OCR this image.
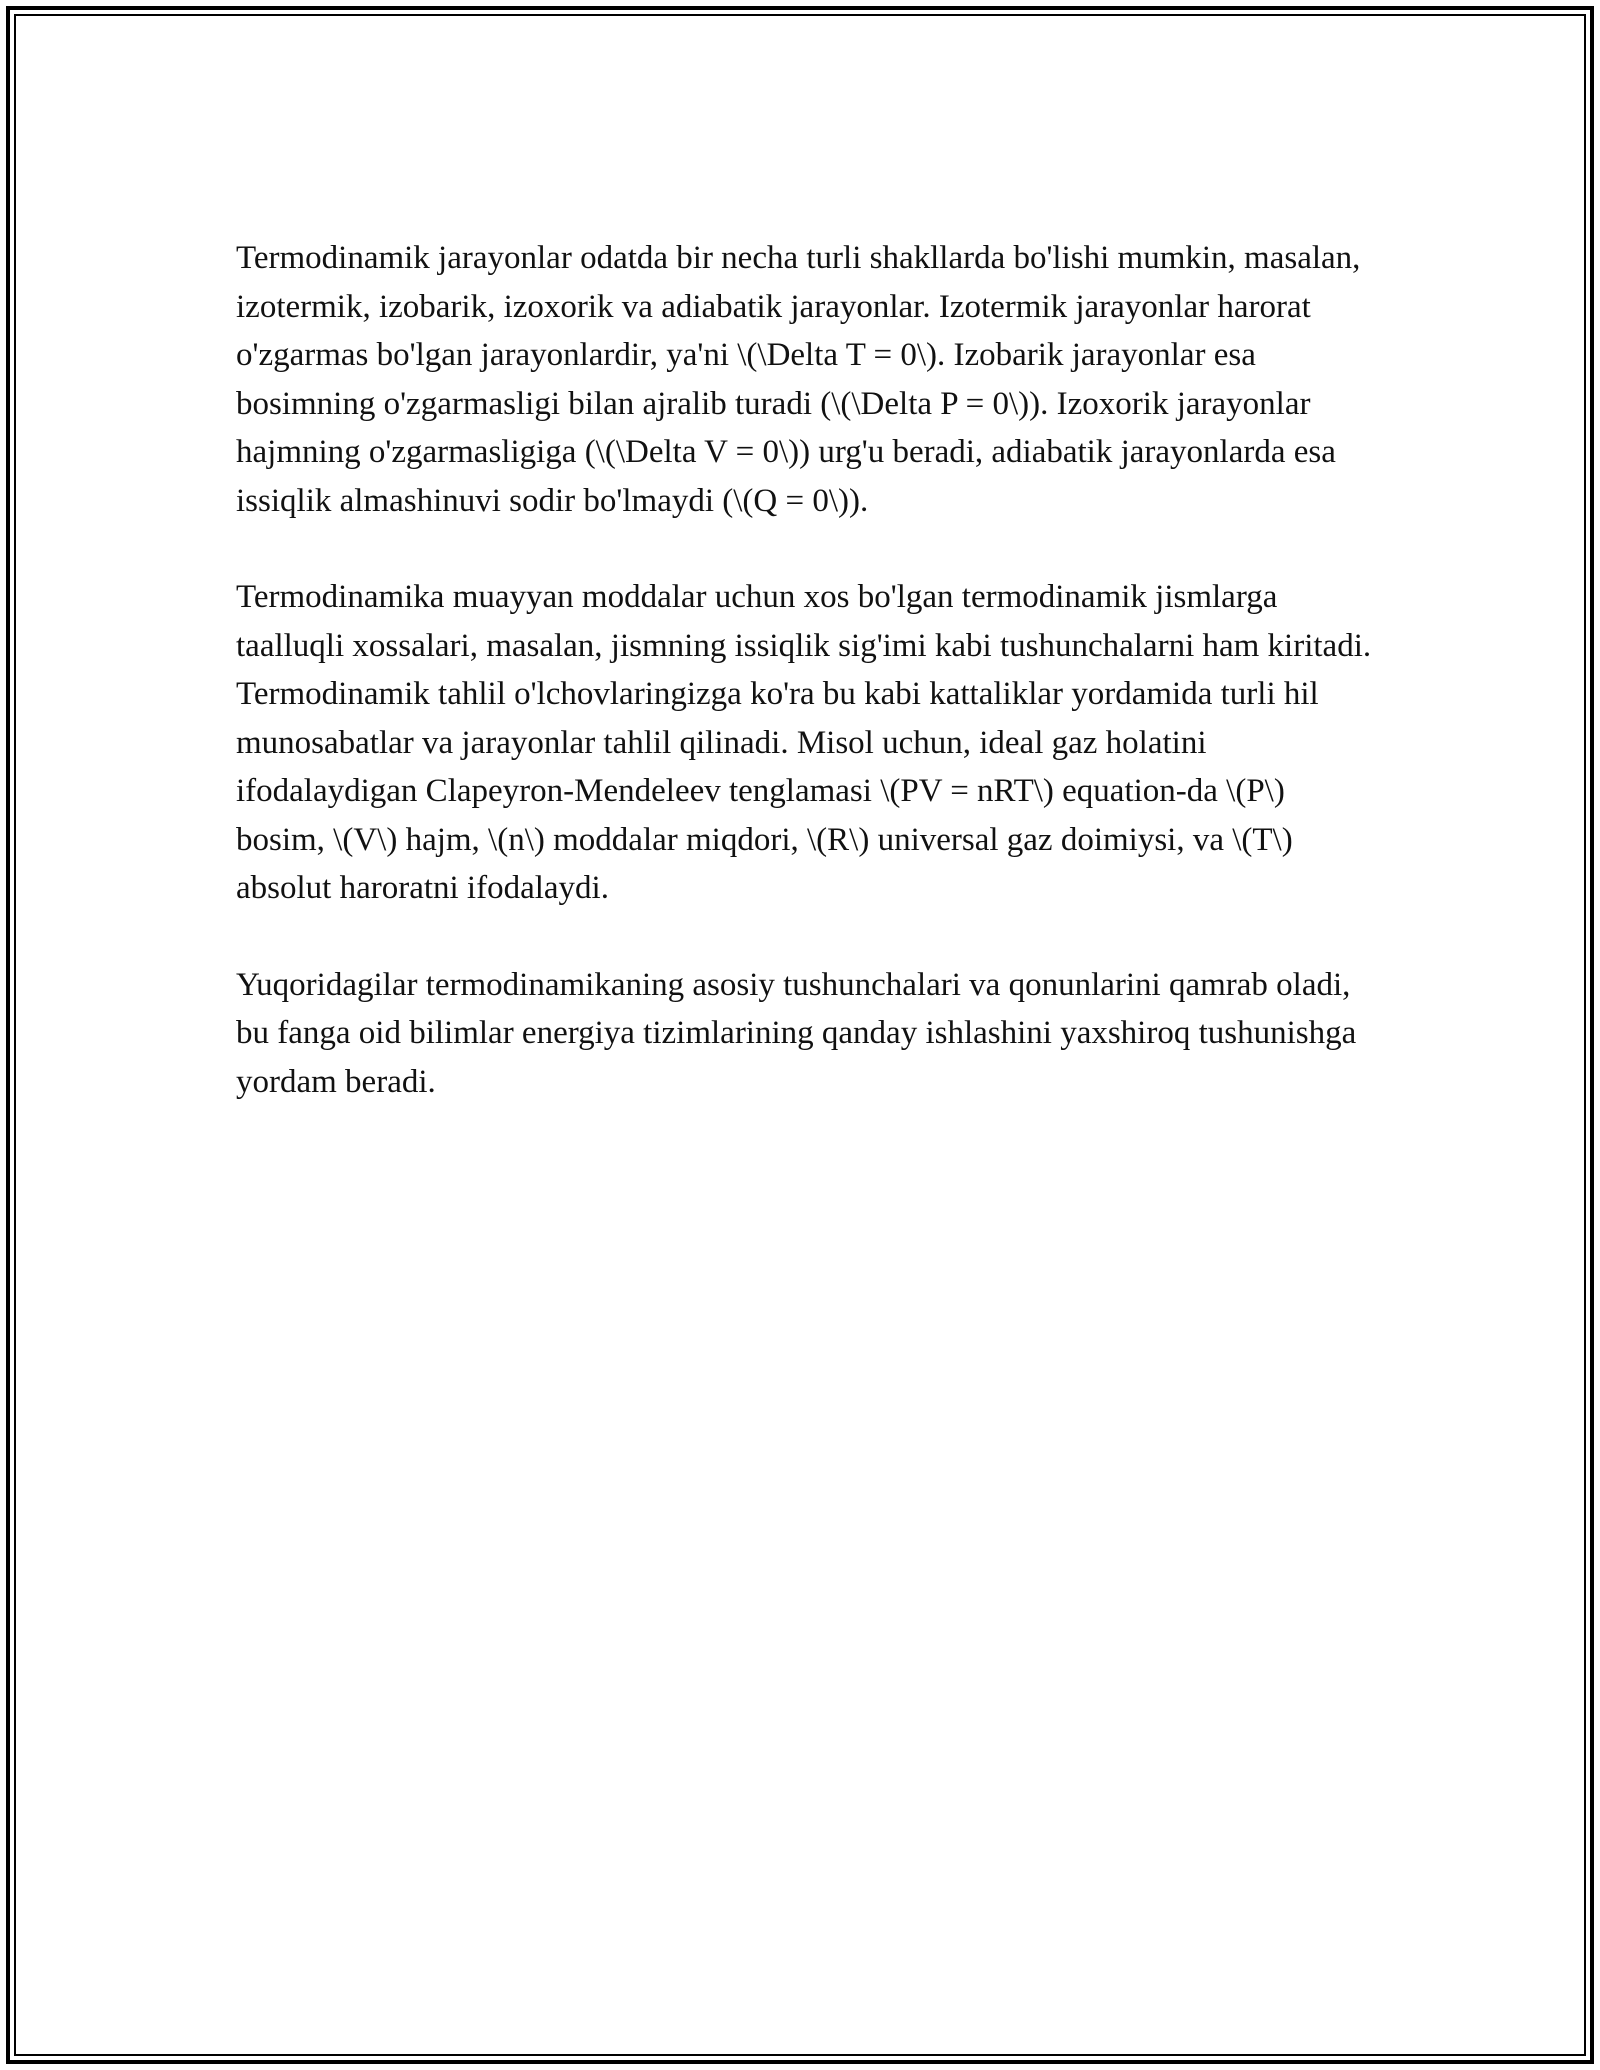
Termodinamik jarayonlar odatda bir necha turli shakllarda bo'lishi mumkin, masalan, izotermik, izobarik, izoxorik va adiabatik jarayonlar. Izotermik jarayonlar harorat o'zgarmas bo'lgan jarayonlardir, ya'ni \(\Delta T = 0\). Izobarik jarayonlar esa bosimning o'zgarmasligi bilan ajralib turadi (\(\Delta P = 0\)). Izoxorik jarayonlar hajmning o'zgarmasligiga (\(\Delta V = 0\)) urg'u beradi, adiabatik jarayonlarda esa issiqlik almashinuvi sodir bo'lmaydi (\(Q = 0\)).

Termodinamika muayyan moddalar uchun xos bo'lgan termodinamik jismlarga taalluqli xossalari, masalan, jismning issiqlik sig'imi kabi tushunchalarni ham kiritadi. Termodinamik tahlil o'lchovlaringizga ko'ra bu kabi kattaliklar yordamida turli hil munosabatlar va jarayonlar tahlil qilinadi. Misol uchun, ideal gaz holatini ifodalaydigan Clapeyron-Mendeleev tenglamasi \(PV = nRT\) equation-da \(P\) bosim, \(V\) hajm, \(n\) moddalar miqdori, \(R\) universal gaz doimiysi, va \(T\) absolut haroratni ifodalaydi.

Yuqoridagilar termodinamikaning asosiy tushunchalari va qonunlarini qamrab oladi, bu fanga oid bilimlar energiya tizimlarining qanday ishlashini yaxshiroq tushunishga yordam beradi.
